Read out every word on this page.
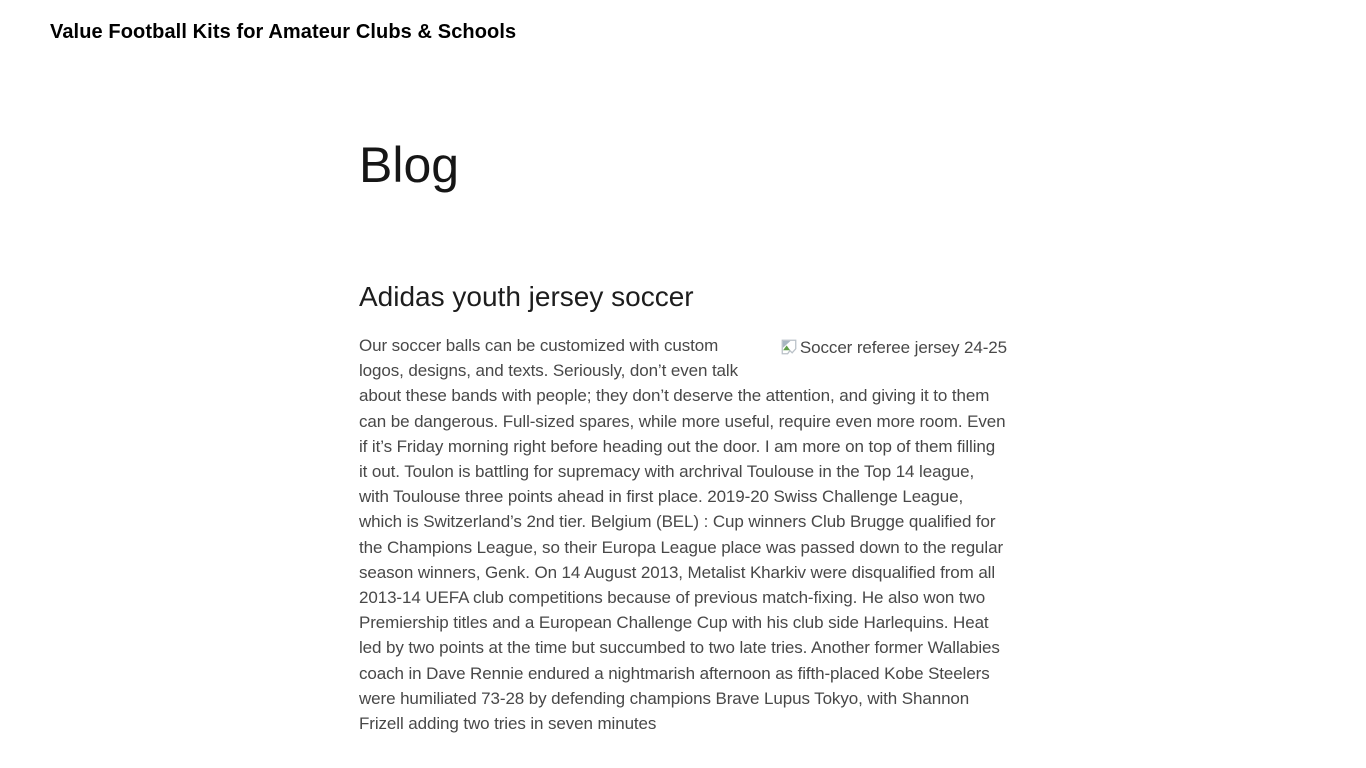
Value Football Kits for Amateur Clubs & Schools
Blog
Adidas youth jersey soccer

Soccer referee jersey 24-25
Our soccer balls can be customized with custom logos, designs, and texts. Seriously, don’t even talk about these bands with people; they don’t deserve the attention, and giving it to them can be dangerous. Full-sized spares, while more useful, require even more room. Even if it’s Friday morning right before heading out the door. I am more on top of them filling it out. Toulon is battling for supremacy with archrival Toulouse in the Top 14 league, with Toulouse three points ahead in first place. 2019-20 Swiss Challenge League, which is Switzerland’s 2nd tier. Belgium (BEL) : Cup winners Club Brugge qualified for the Champions League, so their Europa League place was passed down to the regular season winners, Genk. On 14 August 2013, Metalist Kharkiv were disqualified from all 2013-14 UEFA club competitions because of previous match-fixing. He also won two Premiership titles and a European Challenge Cup with his club side Harlequins. Heat led by two points at the time but succumbed to two late tries. Another former Wallabies coach in Dave Rennie endured a nightmarish afternoon as fifth-placed Kobe Steelers were humiliated 73-28 by defending champions Brave Lupus Tokyo, with Shannon Frizell adding two tries in seven minutes
